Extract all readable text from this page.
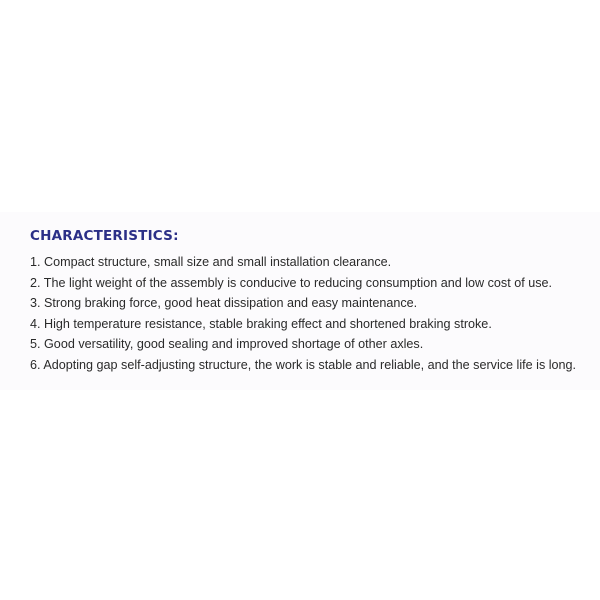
CHARACTERISTICS :
1. Compact structure, small size and small installation clearance.
2. The light weight of the assembly is conducive to reducing consumption and low cost of use.
3. Strong braking force, good heat dissipation and easy maintenance.
4. High temperature resistance, stable braking effect and shortened braking stroke.
5. Good versatility, good sealing and improved shortage of other axles.
6. Adopting gap self-adjusting structure, the work is stable and reliable, and the service life is long.
